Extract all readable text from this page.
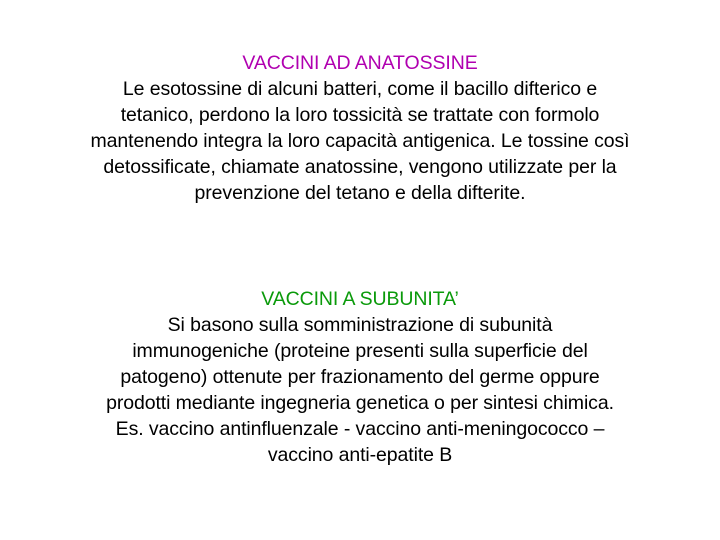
VACCINI AD ANATOSSINE
Le esotossine di alcuni batteri, come il bacillo difterico e
tetanico, perdono la loro tossicità se trattate con formolo
mantenendo integra la loro capacità antigenica. Le tossine così
detossificate, chiamate anatossine, vengono utilizzate per la
prevenzione del tetano e della difterite.
VACCINI A SUBUNITA’
Si basono sulla somministrazione di subunità
immunogeniche (proteine presenti sulla superficie del
patogeno) ottenute per frazionamento del germe oppure
prodotti mediante ingegneria genetica o per sintesi chimica.
Es. vaccino antinfluenzale - vaccino anti-meningococco –
vaccino anti-epatite B
